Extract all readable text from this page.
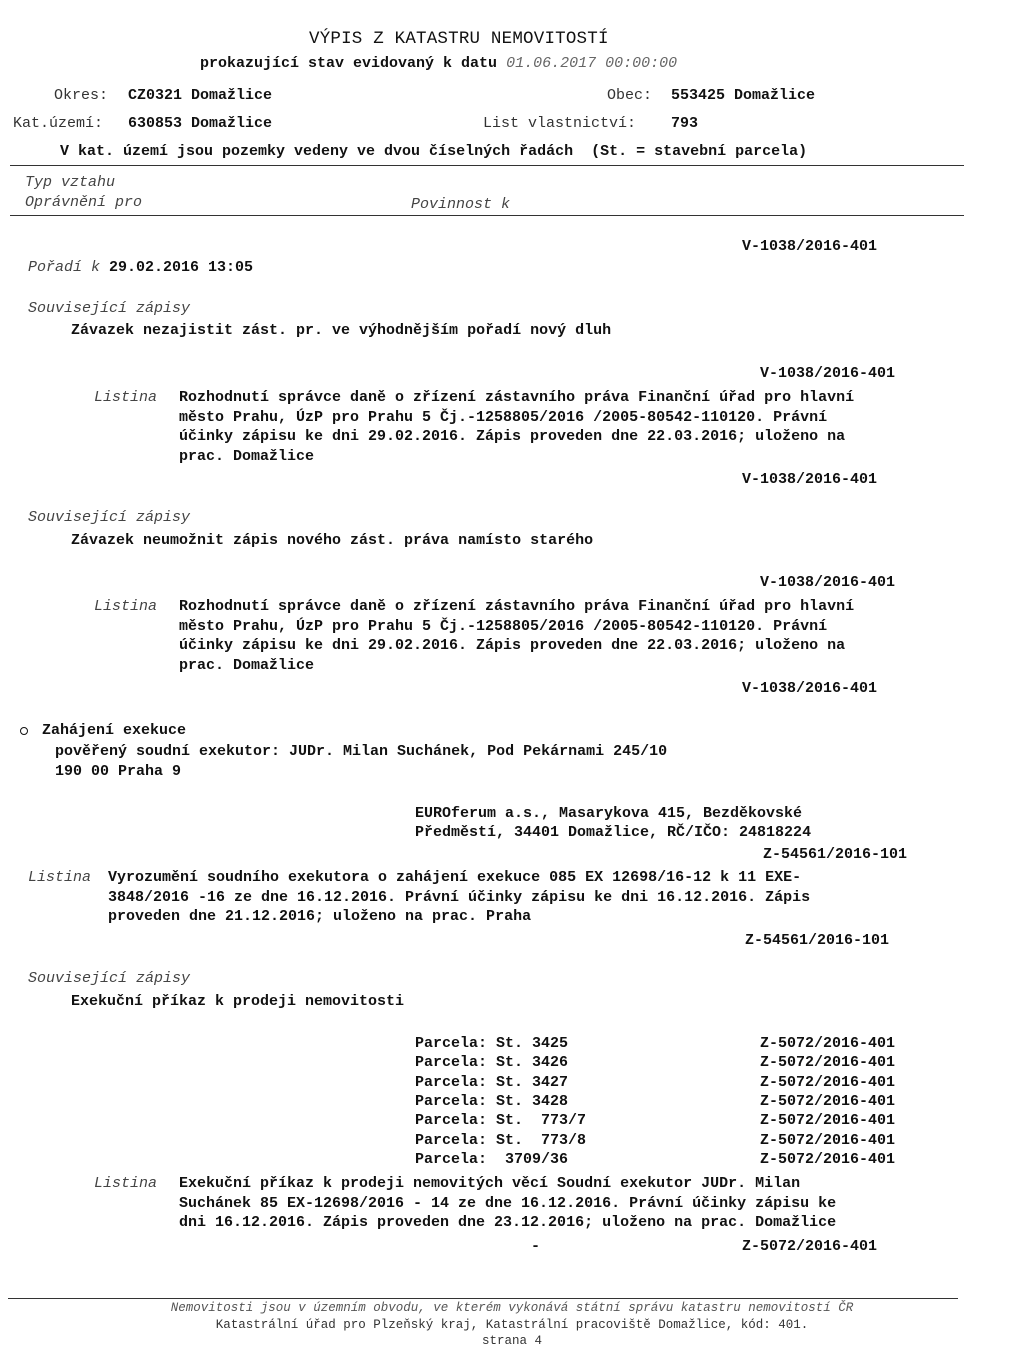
VÝPIS Z KATASTRU NEMOVITOSTÍ
prokazující stav evidovaný k datu 01.06.2017 00:00:00
Okres: CZ0321 Domažlice	Obec: 553425 Domažlice
Kat.území: 630853 Domažlice	List vlastnictví: 793
V kat. území jsou pozemky vedeny ve dvou číselných řadách  (St. = stavební parcela)
Typ vztahu
Oprávnění pro	Povinnost k
V-1038/2016-401
Pořadí k 29.02.2016 13:05
Související zápisy
Závazek nezajistit zást. pr. ve výhodnějším pořadí nový dluh
V-1038/2016-401
Listina Rozhodnutí správce daně o zřízení zástavního práva Finanční úřad pro hlavní
město Prahu, ÚzP pro Prahu 5 Čj.-1258805/2016 /2005-80542-110120. Právní
účinky zápisu ke dni 29.02.2016. Zápis proveden dne 22.03.2016; uloženo na
prac. Domažlice
V-1038/2016-401
Související zápisy
Závazek neumožnit zápis nového zást. práva namísto starého
V-1038/2016-401
Listina Rozhodnutí správce daně o zřízení zástavního práva Finanční úřad pro hlavní
město Prahu, ÚzP pro Prahu 5 Čj.-1258805/2016 /2005-80542-110120. Právní
účinky zápisu ke dni 29.02.2016. Zápis proveden dne 22.03.2016; uloženo na
prac. Domažlice
V-1038/2016-401
Zahájení exekuce
pověřený soudní exekutor: JUDr. Milan Suchánek, Pod Pekárnami 245/10
190 00 Praha 9
EUROferum a.s., Masarykova 415, Bezděkovské
Předměstí, 34401 Domažlice, RČ/IČO: 24818224
Z-54561/2016-101
Listina Vyrozumění soudního exekutora o zahájení exekuce 085 EX 12698/16-12 k 11 EXE-
3848/2016 -16 ze dne 16.12.2016. Právní účinky zápisu ke dni 16.12.2016. Zápis
proveden dne 21.12.2016; uloženo na prac. Praha
Z-54561/2016-101
Související zápisy
Exekuční příkaz k prodeji nemovitosti
Parcela: St. 3425	Z-5072/2016-401
Parcela: St. 3426	Z-5072/2016-401
Parcela: St. 3427	Z-5072/2016-401
Parcela: St. 3428	Z-5072/2016-401
Parcela: St.  773/7	Z-5072/2016-401
Parcela: St.  773/8	Z-5072/2016-401
Parcela:  3709/36	Z-5072/2016-401
Listina Exekuční příkaz k prodeji nemovitých věcí Soudní exekutor JUDr. Milan
Suchánek 85 EX-12698/2016 - 14 ze dne 16.12.2016. Právní účinky zápisu ke
dni 16.12.2016. Zápis proveden dne 23.12.2016; uloženo na prac. Domažlice
-	Z-5072/2016-401
Nemovitosti jsou v územním obvodu, ve kterém vykonává státní správu katastru nemovitostí ČR
Katastrální úřad pro Plzeňský kraj, Katastrální pracoviště Domažlice, kód: 401.
strana 4
